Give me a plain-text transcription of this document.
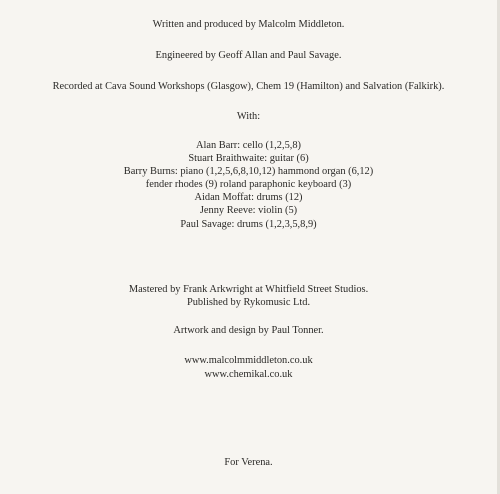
Written and produced by Malcolm Middleton.
Engineered by Geoff Allan and Paul Savage.
Recorded at Cava Sound Workshops (Glasgow), Chem 19 (Hamilton) and Salvation (Falkirk).
With:
Alan Barr: cello (1,2,5,8)
Stuart Braithwaite: guitar (6)
Barry Burns: piano (1,2,5,6,8,10,12) hammond organ (6,12)
fender rhodes (9) roland paraphonic keyboard (3)
Aidan Moffat: drums (12)
Jenny Reeve: violin (5)
Paul Savage: drums (1,2,3,5,8,9)
Mastered by Frank Arkwright at Whitfield Street Studios.
Published by Rykomusic Ltd.
Artwork and design by Paul Tonner.
www.malcolmmiddleton.co.uk
www.chemikal.co.uk
For Verena.
